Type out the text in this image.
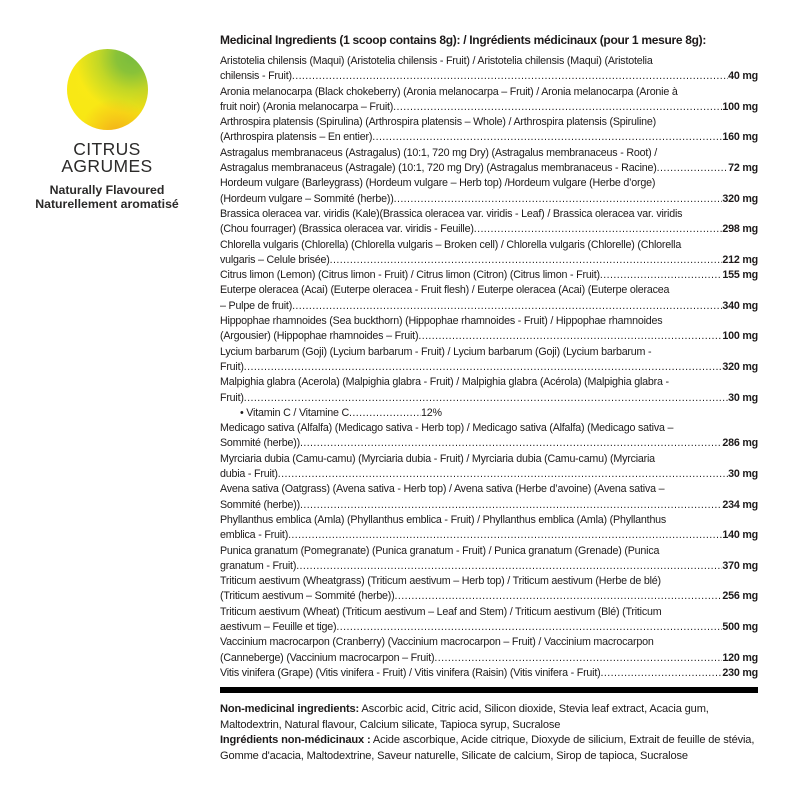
CITRUS
AGRUMES
Naturally Flavoured
Naturellement aromatisé

Medicinal Ingredients (1 scoop contains 8g): / Ingrédients médicinaux (pour 1 mesure 8g):

Aristotelia chilensis (Maqui) (Aristotelia chilensis - Fruit) / Aristotelia chilensis (Maqui) (Aristotelia
chilensis - Fruit) .....	40 mg
Aronia melanocarpa (Black chokeberry) (Aronia melanocarpa – Fruit) / Aronia melanocarpa (Aronie à
fruit noir) (Aronia melanocarpa – Fruit) .....	100 mg
Arthrospira platensis (Spirulina) (Arthrospira platensis – Whole) / Arthrospira platensis (Spiruline)
(Arthrospira platensis – En entier) .....	160 mg
Astragalus membranaceus (Astragalus) (10:1, 720 mg Dry) (Astragalus membranaceus - Root) /
Astragalus membranaceus (Astragale) (10:1, 720 mg Dry) (Astragalus membranaceus - Racine) .....	72 mg
Hordeum vulgare (Barleygrass) (Hordeum vulgare – Herb top) /Hordeum vulgare (Herbe d’orge)
(Hordeum vulgare – Sommité (herbe)) .....	320 mg
Brassica oleracea var. viridis (Kale)(Brassica oleracea var. viridis - Leaf) / Brassica oleracea var. viridis
(Chou fourrager) (Brassica oleracea var. viridis - Feuille) .....	298 mg
Chlorella vulgaris (Chlorella) (Chlorella vulgaris – Broken cell) / Chlorella vulgaris (Chlorelle) (Chlorella
vulgaris – Celule brisée) .....	212 mg
Citrus limon (Lemon) (Citrus limon - Fruit) / Citrus limon (Citron) (Citrus limon - Fruit) .....	155 mg
Euterpe oleracea (Acai) (Euterpe oleracea - Fruit flesh) / Euterpe oleracea (Acai) (Euterpe oleracea
– Pulpe de fruit) .....	340 mg
Hippophae rhamnoides (Sea buckthorn) (Hippophae rhamnoides - Fruit) / Hippophae rhamnoides
(Argousier) (Hippophae rhamnoides – Fruit) .....	100 mg
Lycium barbarum (Goji) (Lycium barbarum - Fruit) / Lycium barbarum (Goji) (Lycium barbarum -
Fruit) .....	320 mg
Malpighia glabra (Acerola) (Malpighia glabra - Fruit) / Malpighia glabra (Acérola) (Malpighia glabra -
Fruit) .....	30 mg
• Vitamin C / Vitamine C .....	12%
Medicago sativa (Alfalfa) (Medicago sativa - Herb top) / Medicago sativa (Alfalfa) (Medicago sativa –
Sommité (herbe)) .....	286 mg
Myrciaria dubia (Camu-camu) (Myrciaria dubia - Fruit) / Myrciaria dubia (Camu-camu) (Myrciaria
dubia - Fruit) .....	30 mg
Avena sativa (Oatgrass) (Avena sativa - Herb top) / Avena sativa (Herbe d’avoine) (Avena sativa –
Sommité (herbe)) .....	234 mg
Phyllanthus emblica (Amla) (Phyllanthus emblica - Fruit) / Phyllanthus emblica (Amla) (Phyllanthus
emblica - Fruit) .....	140 mg
Punica granatum (Pomegranate) (Punica granatum - Fruit) / Punica granatum (Grenade) (Punica
granatum - Fruit) .....	370 mg
Triticum aestivum (Wheatgrass) (Triticum aestivum – Herb top) / Triticum aestivum (Herbe de blé)
(Triticum aestivum – Sommité (herbe)) .....	256 mg
Triticum aestivum (Wheat) (Triticum aestivum – Leaf and Stem) / Triticum aestivum (Blé) (Triticum
aestivum – Feuille et tige) .....	500 mg
Vaccinium macrocarpon (Cranberry) (Vaccinium macrocarpon – Fruit) / Vaccinium macrocarpon
(Canneberge) (Vaccinium macrocarpon – Fruit) .....	120 mg
Vitis vinifera (Grape) (Vitis vinifera - Fruit) / Vitis vinifera (Raisin) (Vitis vinifera - Fruit) .....	230 mg
Non-medicinal ingredients: Ascorbic acid, Citric acid, Silicon dioxide, Stevia leaf extract, Acacia gum, Maltodextrin, Natural flavour, Calcium silicate, Tapioca syrup, Sucralose
Ingrédients non-médicinaux : Acide ascorbique, Acide citrique, Dioxyde de silicium, Extrait de feuille de stévia, Gomme d'acacia, Maltodextrine, Saveur naturelle, Silicate de calcium, Sirop de tapioca, Sucralose
